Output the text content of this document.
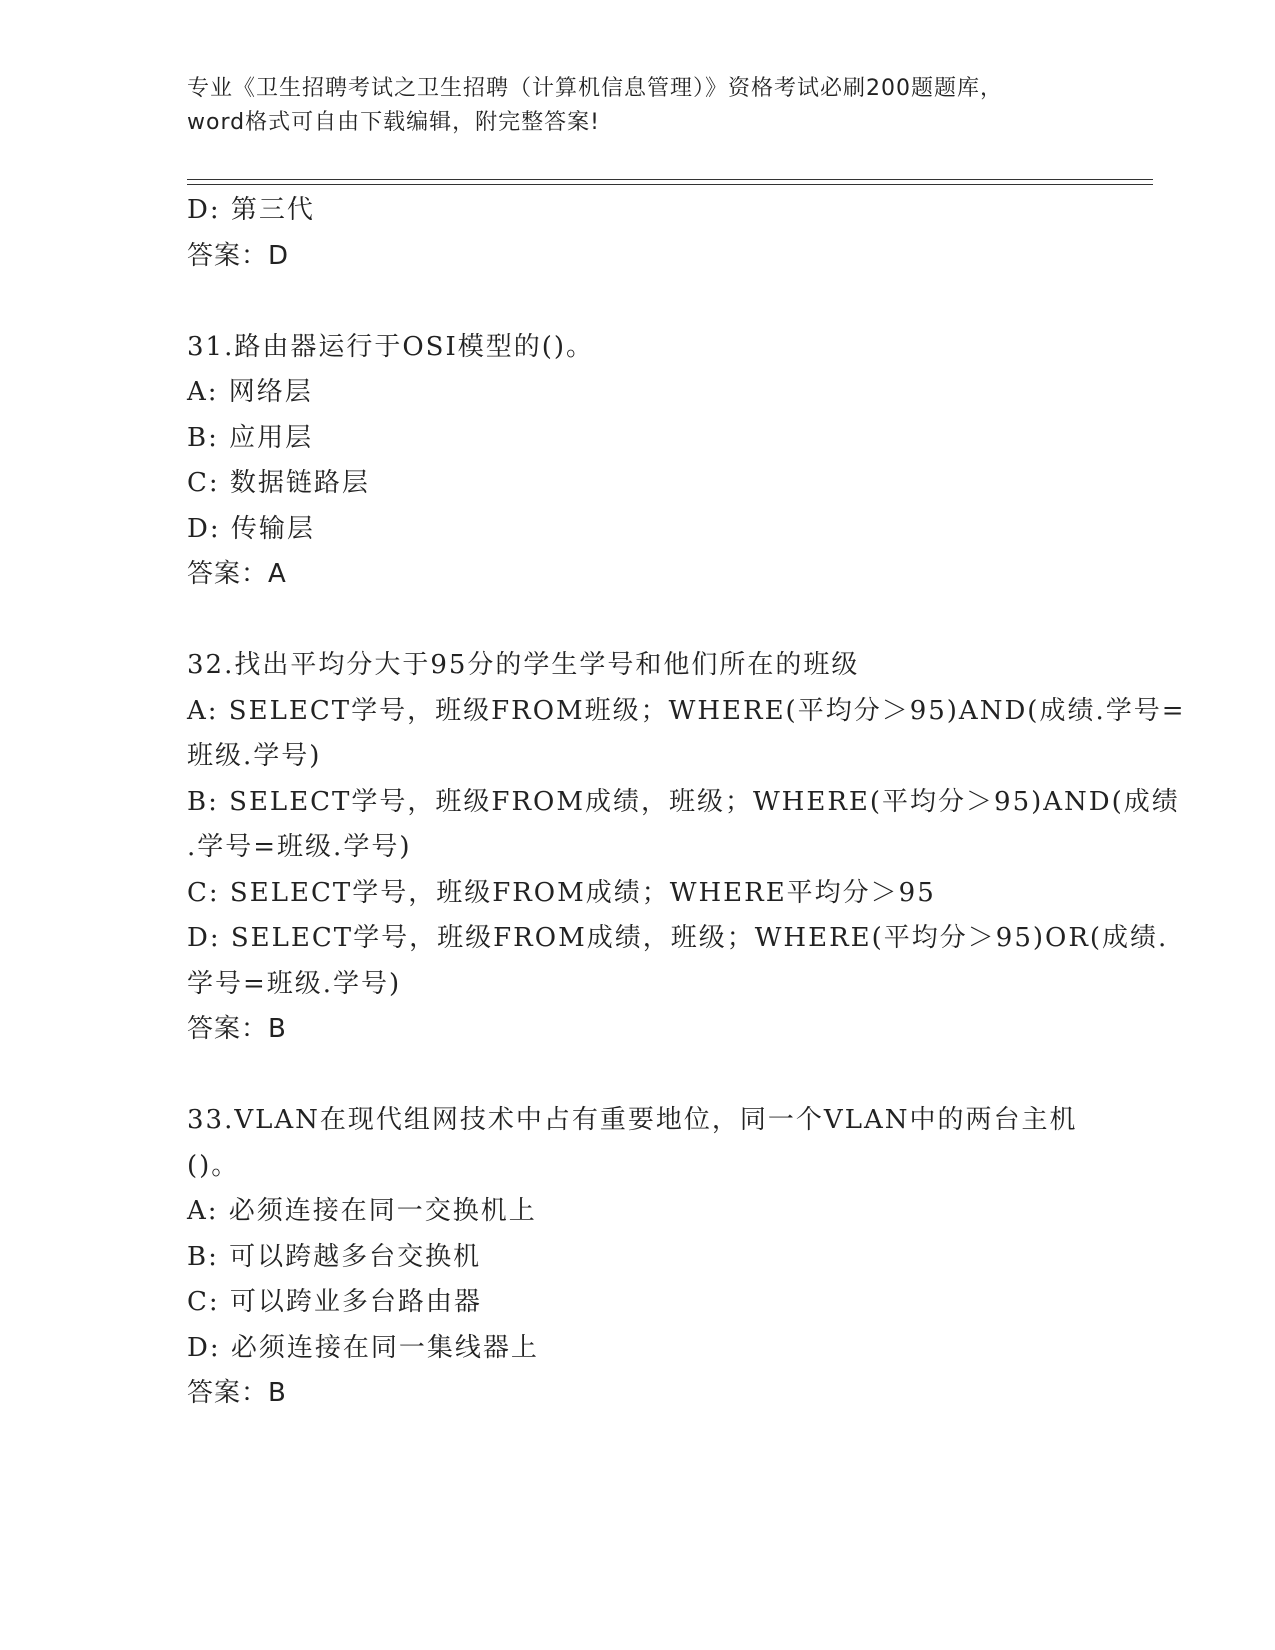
专业《卫生招聘考试之卫生招聘（计算机信息管理）》资格考试必刷200题题库，
word格式可自由下载编辑，附完整答案!
D: 第三代
答案：D
31.路由器运行于OSI模型的()。
A: 网络层
B: 应用层
C: 数据链路层
D: 传输层
答案：A
32.找出平均分大于95分的学生学号和他们所在的班级
A: SELECT学号，班级FROM班级；WHERE(平均分＞95)AND(成绩.学号=
班级.学号)
B: SELECT学号，班级FROM成绩，班级；WHERE(平均分＞95)AND(成绩
.学号=班级.学号)
C: SELECT学号，班级FROM成绩；WHERE平均分＞95
D: SELECT学号，班级FROM成绩，班级；WHERE(平均分＞95)OR(成绩.
学号=班级.学号)
答案：B
33.VLAN在现代组网技术中占有重要地位，同一个VLAN中的两台主机
()。
A: 必须连接在同一交换机上
B: 可以跨越多台交换机
C: 可以跨业多台路由器
D: 必须连接在同一集线器上
答案：B
